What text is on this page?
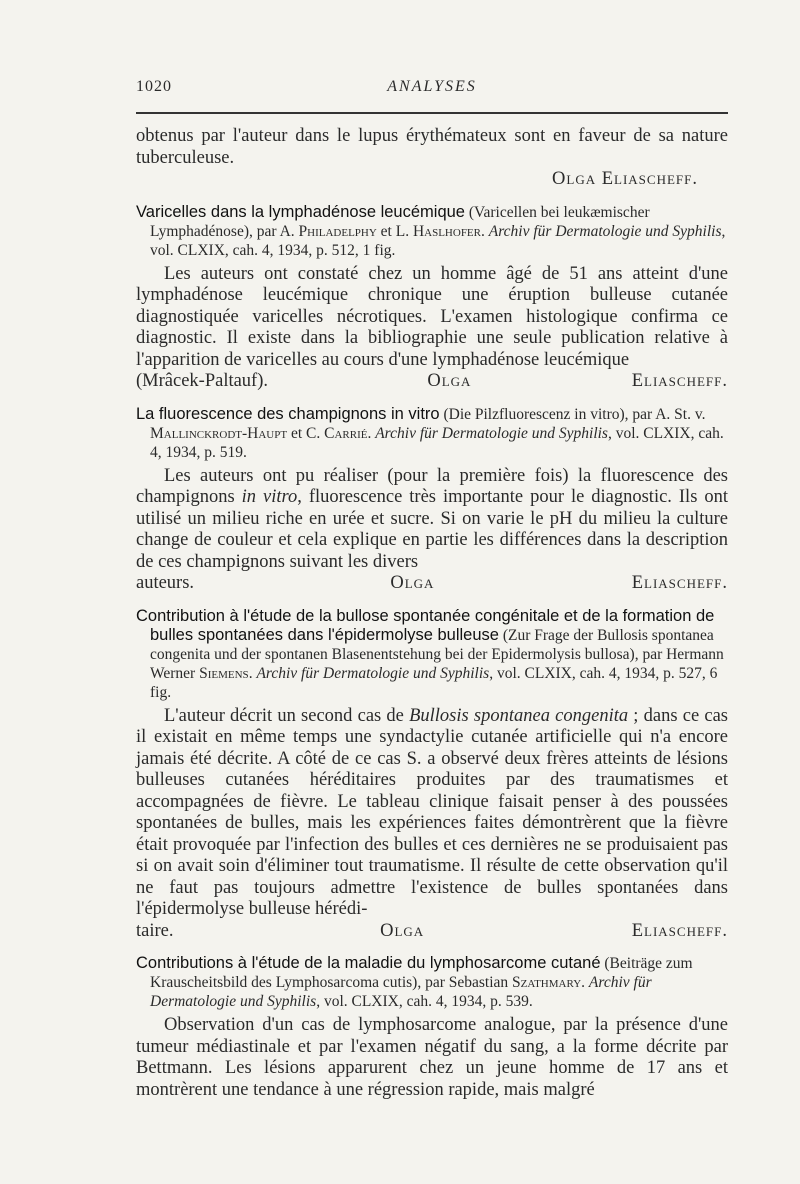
1020	ANALYSES

obtenus par l'auteur dans le lupus érythémateux sont en faveur de sa nature tuberculeuse.

Olga Eliascheff.

Varicelles dans la lymphadénose leucémique (Varicellen bei leukæmischer Lymphadénose), par A. Philadelphy et L. Haslhofer. Archiv für Dermatologie und Syphilis, vol. CLXIX, cah. 4, 1934, p. 512, 1 fig.

Les auteurs ont constaté chez un homme âgé de 51 ans atteint d'une lymphadénose leucémique chronique une éruption bulleuse cutanée diagnostiquée varicelles nécrotiques. L'examen histologique confirma ce diagnostic. Il existe dans la bibliographie une seule publication relative à l'apparition de varicelles au cours d'une lymphadénose leucémique

(Mrâcek-Paltauf).	Olga Eliascheff.

La fluorescence des champignons in vitro (Die Pilzfluorescenz in vitro), par A. St. v. Mallinckrodt-Haupt et C. Carrié. Archiv für Dermatologie und Syphilis, vol. CLXIX, cah. 4, 1934, p. 519.

Les auteurs ont pu réaliser (pour la première fois) la fluorescence des champignons in vitro, fluorescence très importante pour le diagnostic. Ils ont utilisé un milieu riche en urée et sucre. Si on varie le pH du milieu la culture change de couleur et cela explique en partie les différences dans la description de ces champignons suivant les divers

auteurs.	Olga Eliascheff.

Contribution à l'étude de la bullose spontanée congénitale et de la formation de bulles spontanées dans l'épidermolyse bulleuse (Zur Frage der Bullosis spontanea congenita und der spontanen Blasenentstehung bei der Epidermolysis bullosa), par Hermann Werner Siemens. Archiv für Dermatologie und Syphilis, vol. CLXIX, cah. 4, 1934, p. 527, 6 fig.

L'auteur décrit un second cas de Bullosis spontanea congenita ; dans ce cas il existait en même temps une syndactylie cutanée artificielle qui n'a encore jamais été décrite. A côté de ce cas S. a observé deux frères atteints de lésions bulleuses cutanées héréditaires produites par des traumatismes et accompagnées de fièvre. Le tableau clinique faisait penser à des poussées spontanées de bulles, mais les expériences faites démontrèrent que la fièvre était provoquée par l'infection des bulles et ces dernières ne se produisaient pas si on avait soin d'éliminer tout traumatisme. Il résulte de cette observation qu'il ne faut pas toujours admettre l'existence de bulles spontanées dans l'épidermolyse bulleuse hérédi-

taire.	Olga Eliascheff.

Contributions à l'étude de la maladie du lymphosarcome cutané (Beiträge zum Krauscheitsbild des Lymphosarcoma cutis), par Sebastian Szathmary. Archiv für Dermatologie und Syphilis, vol. CLXIX, cah. 4, 1934, p. 539.

Observation d'un cas de lymphosarcome analogue, par la présence d'une tumeur médiastinale et par l'examen négatif du sang, a la forme décrite par Bettmann. Les lésions apparurent chez un jeune homme de 17 ans et montrèrent une tendance à une régression rapide, mais malgré
